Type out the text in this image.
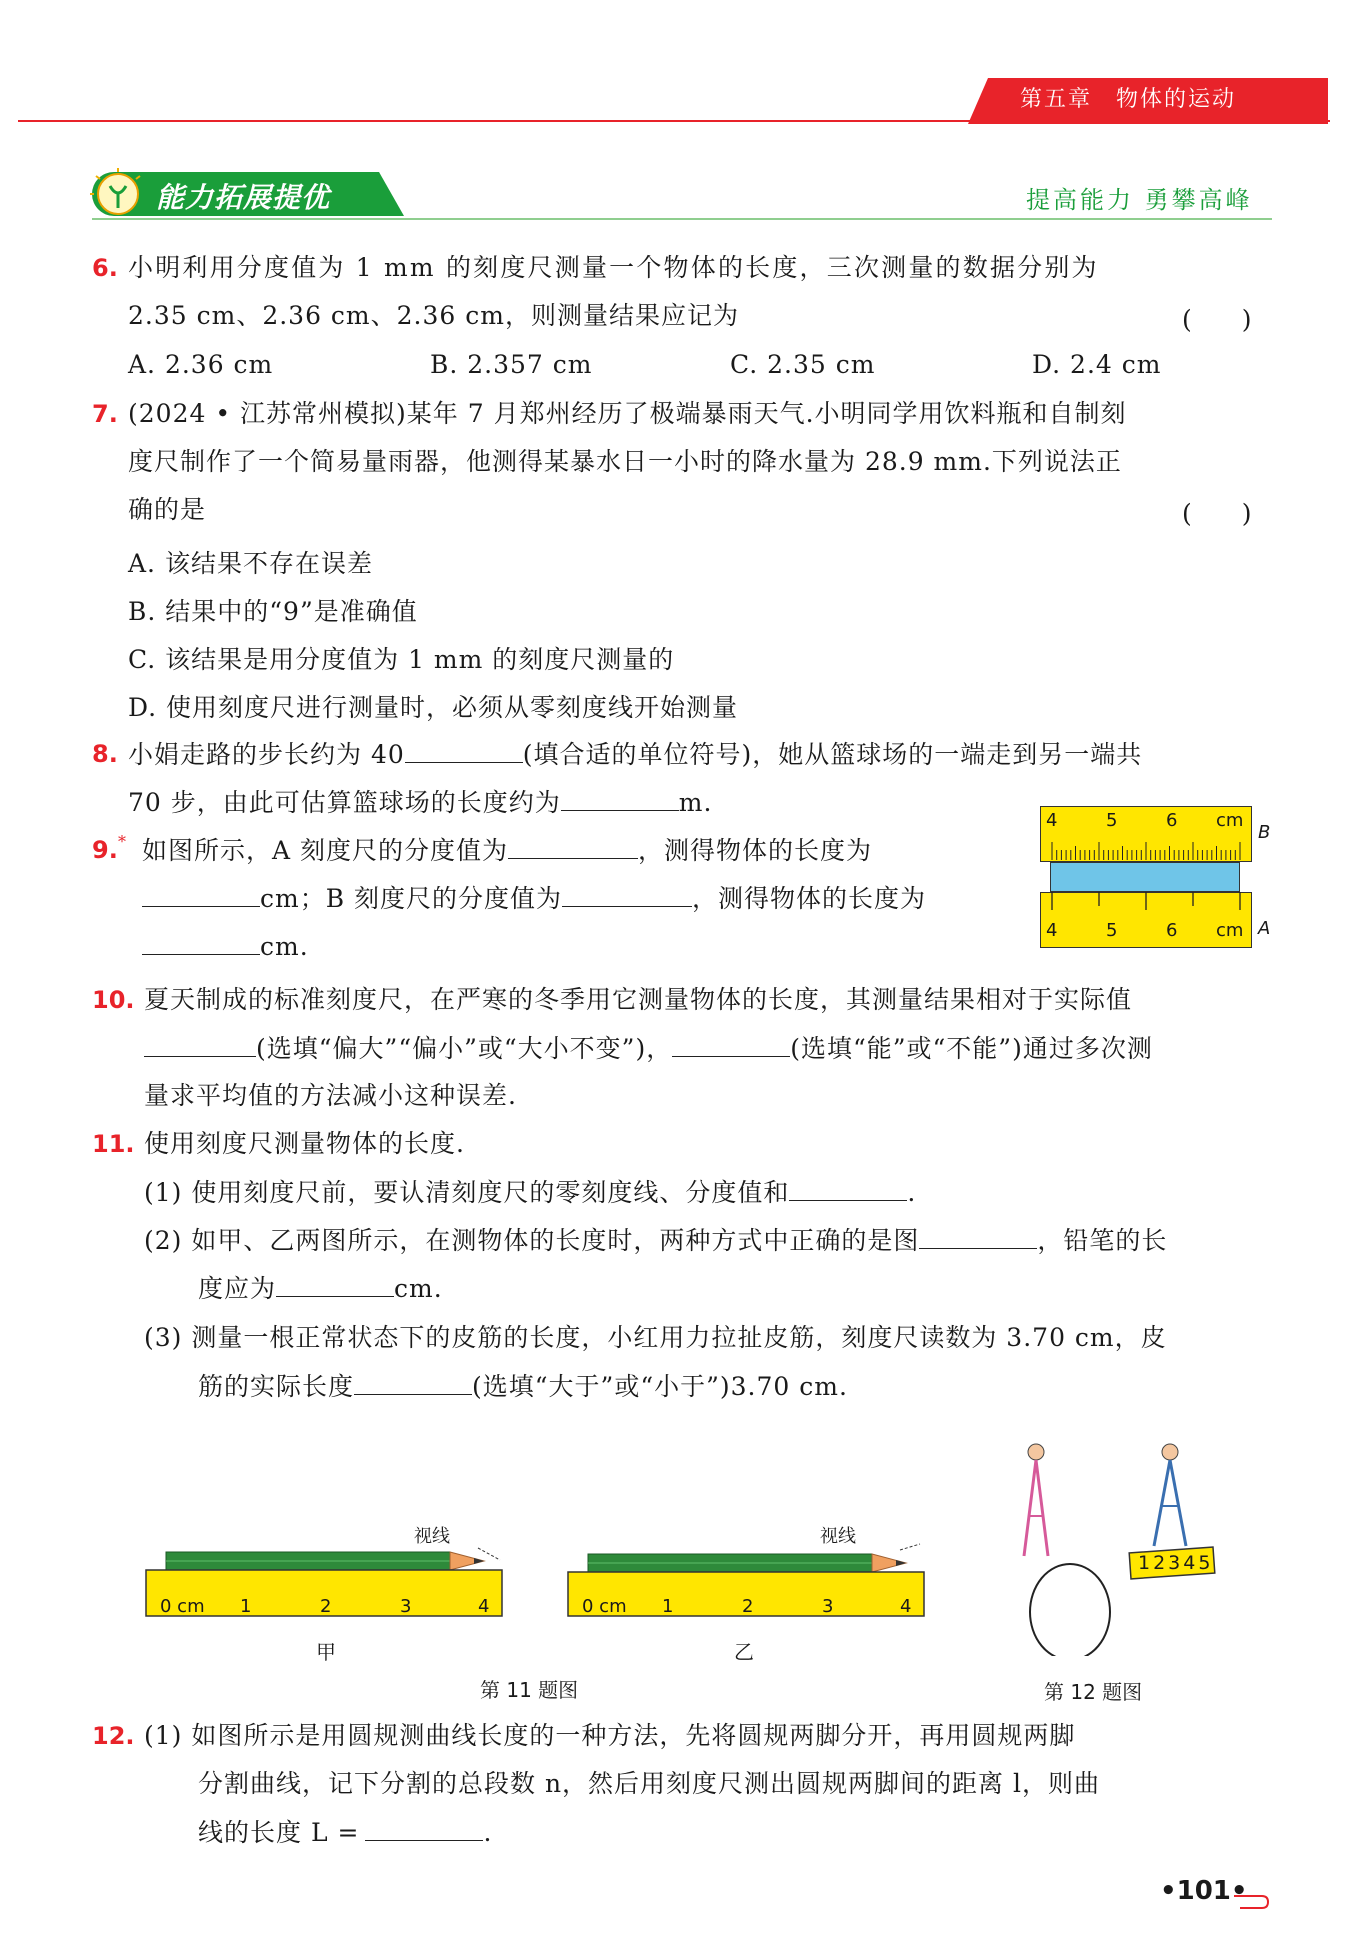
第五章　物体的运动
能力拓展提优	提高能力 勇攀高峰
6. 小明利用分度值为 1 mm 的刻度尺测量一个物体的长度，三次测量的数据分别为
2.35 cm、2.36 cm、2.36 cm，则测量结果应记为	(　　)
A. 2.36 cm	B. 2.357 cm	C. 2.35 cm	D. 2.4 cm
7. (2024 • 江苏常州模拟)某年 7 月郑州经历了极端暴雨天气.小明同学用饮料瓶和自制刻
度尺制作了一个简易量雨器，他测得某暴水日一小时的降水量为 28.9 mm.下列说法正
确的是	(　　)
A. 该结果不存在误差
B. 结果中的“9”是准确值
C. 该结果是用分度值为 1 mm 的刻度尺测量的
D. 使用刻度尺进行测量时，必须从零刻度线开始测量
8. 小娟走路的步长约为 40	(填合适的单位符号)，她从篮球场的一端走到另一端共
70 步，由此可估算篮球场的长度约为	m.
9. * 如图所示，A 刻度尺的分度值为	，测得物体的长度为
cm；B 刻度尺的分度值为	，测得物体的长度为
cm.
4	5	6 cm
4	5	6 cm
B
A
10. 夏天制成的标准刻度尺，在严寒的冬季用它测量物体的长度，其测量结果相对于实际值
(选填“偏大”“偏小”或“大小不变”)，	(选填“能”或“不能”)通过多次测
量求平均值的方法减小这种误差.
11. 使用刻度尺测量物体的长度.
(1) 使用刻度尺前，要认清刻度尺的零刻度线、分度值和	.
(2) 如甲、乙两图所示，在测物体的长度时，两种方式中正确的是图	，铅笔的长
度应为	cm.
(3) 测量一根正常状态下的皮筋的长度，小红用力拉扯皮筋，刻度尺读数为 3.70 cm，皮
筋的实际长度	(选填“大于”或“小于”)3.70 cm.
视线
0 cm 1	2	3	4
甲
视线
0 cm 1	2	3	4
乙
第 11 题图
12345
第 12 题图
12. (1) 如图所示是用圆规测曲线长度的一种方法，先将圆规两脚分开，再用圆规两脚
分割曲线，记下分割的总段数 n，然后用刻度尺测出圆规两脚间的距离 l，则曲
线的长度 L =	.
•101•
